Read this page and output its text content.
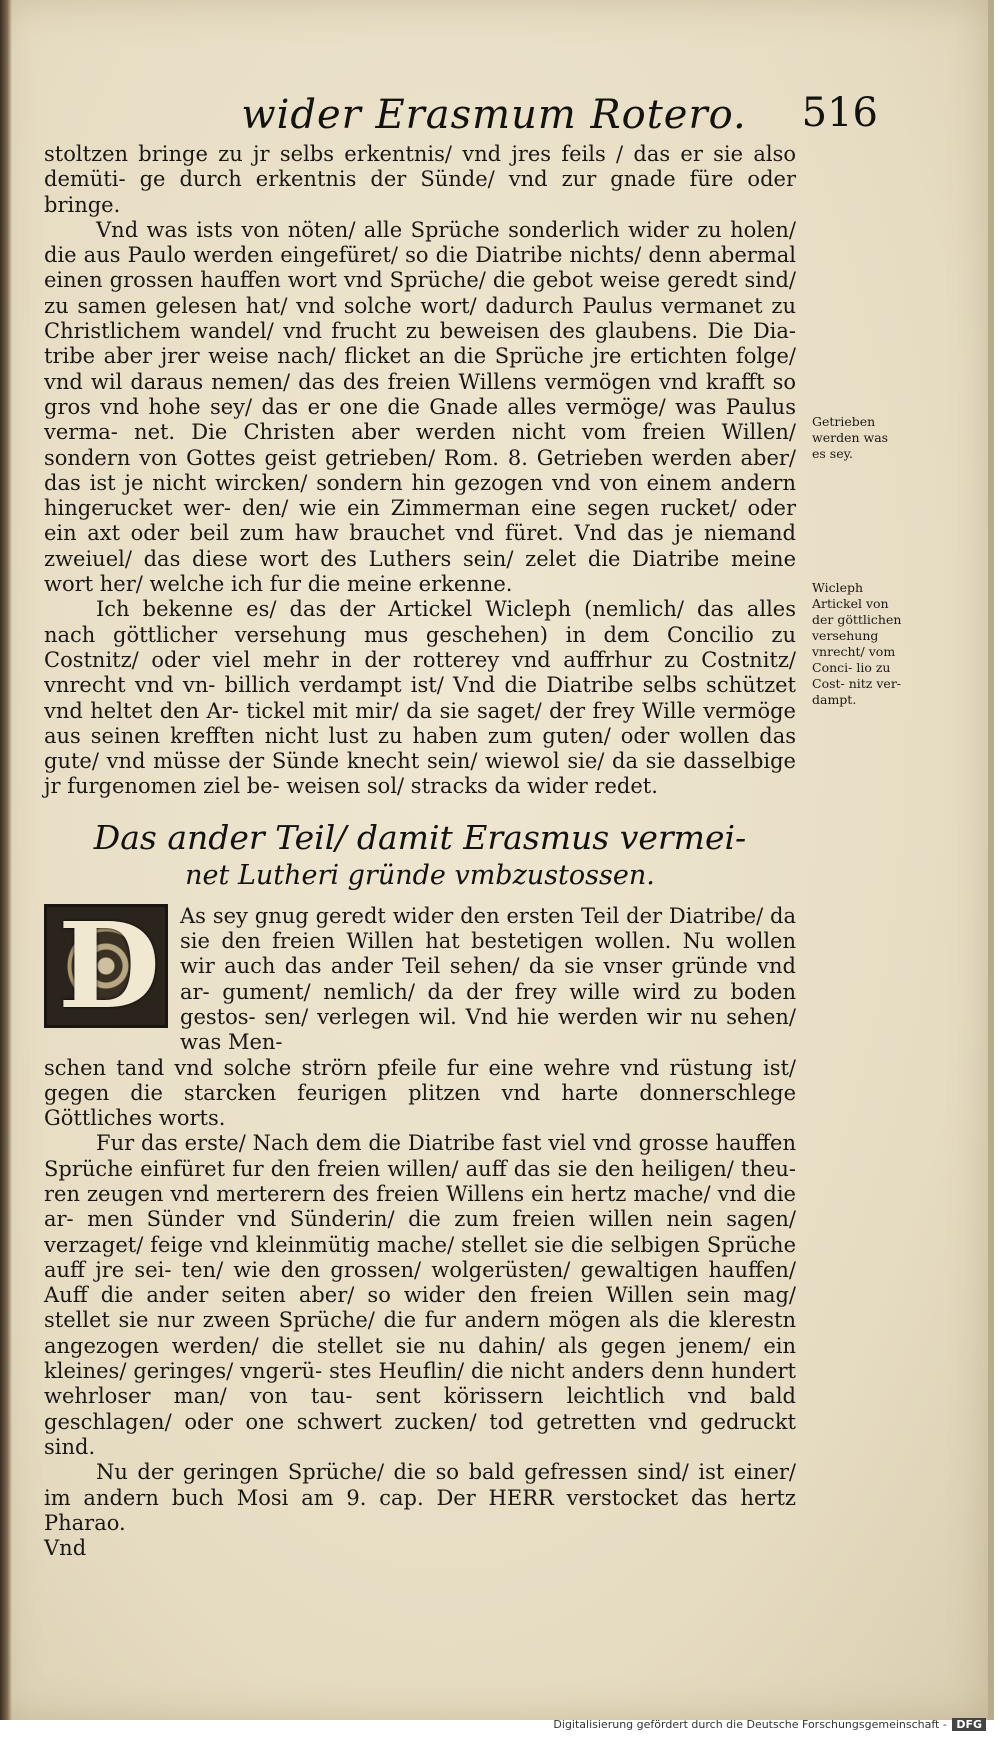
wider Erasmum Rotero.	516

stoltzen bringe zu jr selbs erkentnis/ vnd jres feils / das er sie also demüti- ge durch erkentnis der Sünde/ vnd zur gnade füre oder bringe.

Vnd was ists von nöten/ alle Sprüche sonderlich wider zu holen/ die aus Paulo werden eingefüret/ so die Diatribe nichts/ denn abermal einen grossen hauffen wort vnd Sprüche/ die gebot weise geredt sind/ zu samen gelesen hat/ vnd solche wort/ dadurch Paulus vermanet zu Christlichem wandel/ vnd frucht zu beweisen des glaubens. Die Dia- tribe aber jrer weise nach/ flicket an die Sprüche jre ertichten folge/ vnd wil daraus nemen/ das des freien Willens vermögen vnd krafft so gros vnd hohe sey/ das er one die Gnade alles vermöge/ was Paulus verma- net. Die Christen aber werden nicht vom freien Willen/ sondern von Gottes geist getrieben/ Rom. 8. Getrieben werden aber/ das ist je nicht wircken/ sondern hin gezogen vnd von einem andern hingerucket wer- den/ wie ein Zimmerman eine segen rucket/ oder ein axt oder beil zum haw brauchet vnd füret. Vnd das je niemand zweiuel/ das diese wort des Luthers sein/ zelet die Diatribe meine wort her/ welche ich fur die meine erkenne.

Ich bekenne es/ das der Artickel Wicleph (nemlich/ das alles nach göttlicher versehung mus geschehen) in dem Concilio zu Costnitz/ oder viel mehr in der rotterey vnd auffrhur zu Costnitz/ vnrecht vnd vn- billich verdampt ist/ Vnd die Diatribe selbs schützet vnd heltet den Ar- tickel mit mir/ da sie saget/ der frey Wille vermöge aus seinen krefften nicht lust zu haben zum guten/ oder wollen das gute/ vnd müsse der Sünde knecht sein/ wiewol sie/ da sie dasselbige jr furgenomen ziel be- weisen sol/ stracks da wider redet.

Das ander Teil/ damit Erasmus vermei-
net Lutheri gründe vmbzustossen.
D As sey gnug geredt wider den ersten Teil der Diatribe/ da sie den freien Willen hat bestetigen wollen. Nu wollen wir auch das ander Teil sehen/ da sie vnser gründe vnd ar- gument/ nemlich/ da der frey wille wird zu boden gestos- sen/ verlegen wil. Vnd hie werden wir nu sehen/ was Men-

schen tand vnd solche strörn pfeile fur eine wehre vnd rüstung ist/ gegen die starcken feurigen plitzen vnd harte donnerschlege Göttliches worts.

Fur das erste/ Nach dem die Diatribe fast viel vnd grosse hauffen Sprüche einfüret fur den freien willen/ auff das sie den heiligen/ theu- ren zeugen vnd merterern des freien Willens ein hertz mache/ vnd die ar- men Sünder vnd Sünderin/ die zum freien willen nein sagen/ verzaget/ feige vnd kleinmütig mache/ stellet sie die selbigen Sprüche auff jre sei- ten/ wie den grossen/ wolgerüsten/ gewaltigen hauffen/ Auff die ander seiten aber/ so wider den freien Willen sein mag/ stellet sie nur zween Sprüche/ die fur andern mögen als die klerestn angezogen werden/ die stellet sie nu dahin/ als gegen jenem/ ein kleines/ geringes/ vngerü- stes Heuflin/ die nicht anders denn hundert wehrloser man/ von tau- sent körissern leichtlich vnd bald geschlagen/ oder one schwert zucken/ tod getretten vnd gedruckt sind.

Nu der geringen Sprüche/ die so bald gefressen sind/ ist einer/ im andern buch Mosi am 9. cap. Der HERR verstocket das hertz Pharao.

Vnd

Getrieben werden was es sey.
Wicleph Artickel von der göttlichen versehung vnrecht/ vom Conci- lio zu Cost- nitz ver- dampt.
Digitalisierung gefördert durch die Deutsche Forschungsgemeinschaft - DFG
